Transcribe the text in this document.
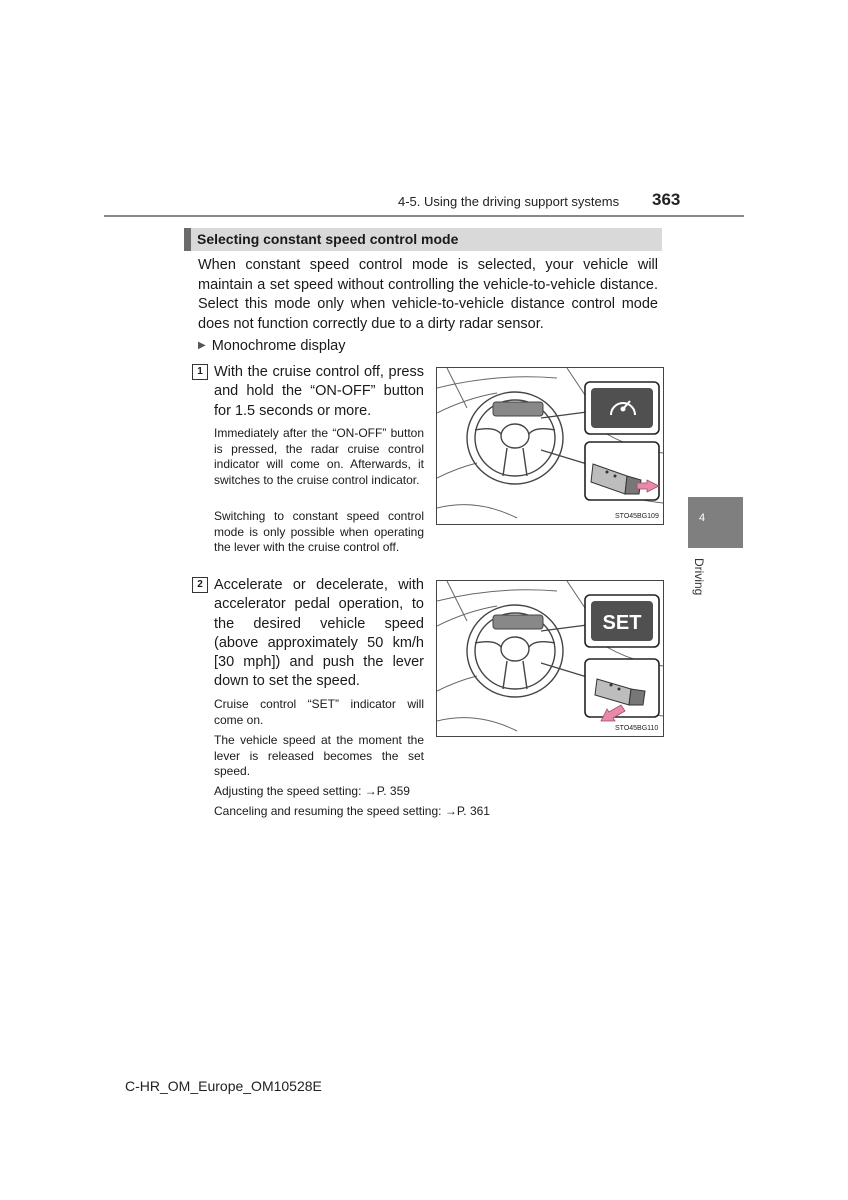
4-5. Using the driving support systems 363
Selecting constant speed control mode
When constant speed control mode is selected, your vehicle will maintain a set speed without controlling the vehicle-to-vehicle distance. Select this mode only when vehicle-to-vehicle distance control mode does not function correctly due to a dirty radar sensor.
▶ Monochrome display
1 With the cruise control off, press and hold the “ON-OFF” button for 1.5 seconds or more.
Immediately after the “ON-OFF” button is pressed, the radar cruise control indicator will come on. Afterwards, it switches to the cruise control indicator.
Switching to constant speed control mode is only possible when operating the lever with the cruise control off.
STO45BG109
2 Accelerate or decelerate, with accelerator pedal operation, to the desired vehicle speed (above approximately 50 km/h [30 mph]) and push the lever down to set the speed.
Cruise control “SET” indicator will come on.
The vehicle speed at the moment the lever is released becomes the set speed.
SET
STO45BG110
Adjusting the speed setting: →P. 359
Canceling and resuming the speed setting: →P. 361
4
Driving
C-HR_OM_Europe_OM10528E
